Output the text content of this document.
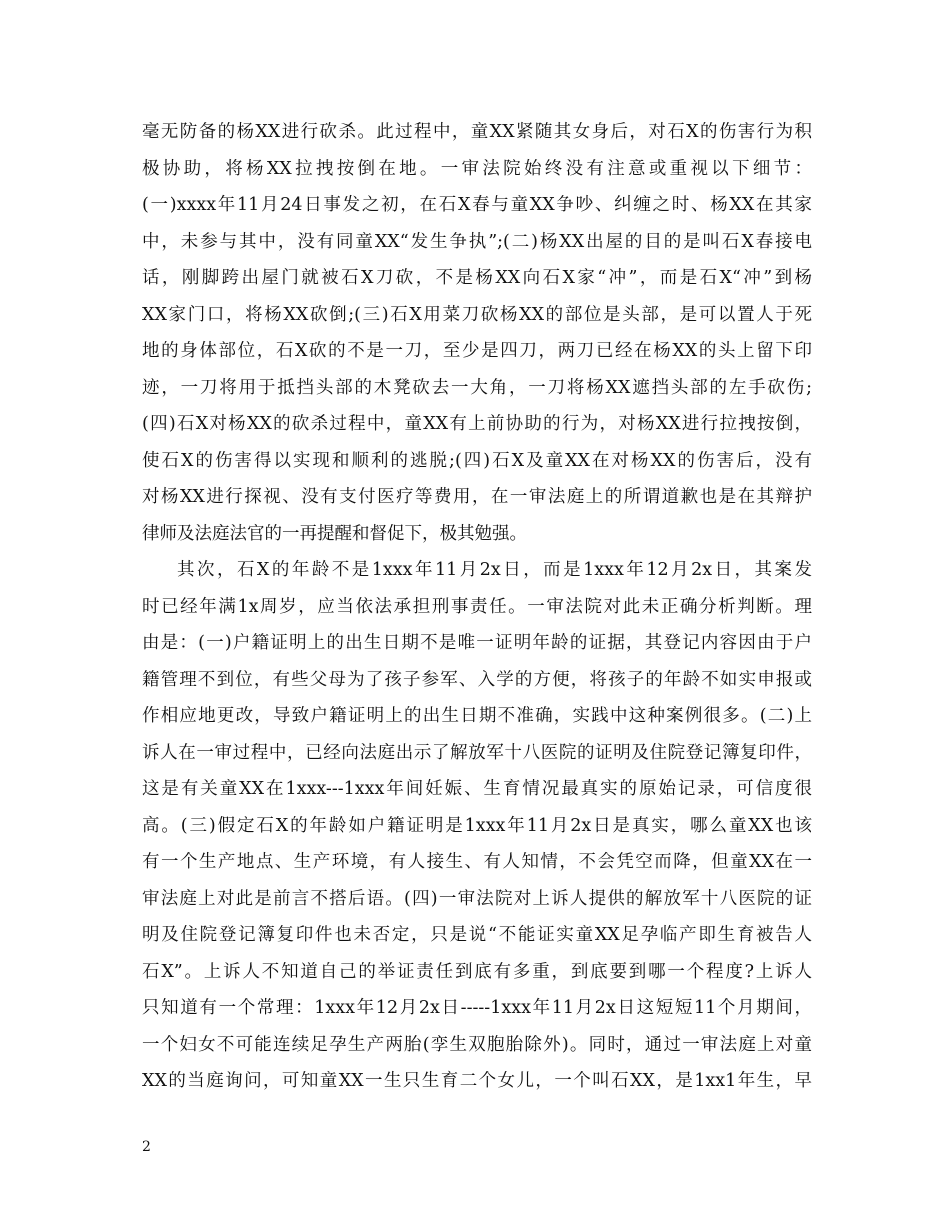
毫无防备的杨XX进行砍杀。此过程中，童XX紧随其女身后，对石X的伤害行为积
极协助，将杨XX拉拽按倒在地。一审法院始终没有注意或重视以下细节：
(一)xxxx年11月24日事发之初，在石X春与童XX争吵、纠缠之时、杨XX在其家
中，未参与其中，没有同童XX“发生争执”;(二)杨XX出屋的目的是叫石X春接电
话，刚脚跨出屋门就被石X刀砍，不是杨XX向石X家“冲”，而是石X“冲”到杨
XX家门口，将杨XX砍倒;(三)石X用菜刀砍杨XX的部位是头部，是可以置人于死
地的身体部位，石X砍的不是一刀，至少是四刀，两刀已经在杨XX的头上留下印
迹，一刀将用于抵挡头部的木凳砍去一大角，一刀将杨XX遮挡头部的左手砍伤;
(四)石X对杨XX的砍杀过程中，童XX有上前协助的行为，对杨XX进行拉拽按倒，
使石X的伤害得以实现和顺利的逃脱;(四)石X及童XX在对杨XX的伤害后，没有
对杨XX进行探视、没有支付医疗等费用，在一审法庭上的所谓道歉也是在其辩护
律师及法庭法官的一再提醒和督促下，极其勉强。
其次，石X的年龄不是1xxx年11月2x日，而是1xxx年12月2x日，其案发
时已经年满1x周岁，应当依法承担刑事责任。一审法院对此未正确分析判断。理
由是：(一)户籍证明上的出生日期不是唯一证明年龄的证据，其登记内容因由于户
籍管理不到位，有些父母为了孩子参军、入学的方便，将孩子的年龄不如实申报或
作相应地更改，导致户籍证明上的出生日期不准确，实践中这种案例很多。(二)上
诉人在一审过程中，已经向法庭出示了解放军十八医院的证明及住院登记簿复印件，
这是有关童XX在1xxx---1xxx年间妊娠、生育情况最真实的原始记录，可信度很
高。(三)假定石X的年龄如户籍证明是1xxx年11月2x日是真实，哪么童XX也该
有一个生产地点、生产环境，有人接生、有人知情，不会凭空而降，但童XX在一
审法庭上对此是前言不搭后语。(四)一审法院对上诉人提供的解放军十八医院的证
明及住院登记簿复印件也未否定，只是说“不能证实童XX足孕临产即生育被告人
石X”。上诉人不知道自己的举证责任到底有多重，到底要到哪一个程度?上诉人
只知道有一个常理：1xxx年12月2x日-----1xxx年11月2x日这短短11个月期间，
一个妇女不可能连续足孕生产两胎(孪生双胞胎除外)。同时，通过一审法庭上对童
XX的当庭询问，可知童XX一生只生育二个女儿，一个叫石XX，是1xx1年生，早
2
